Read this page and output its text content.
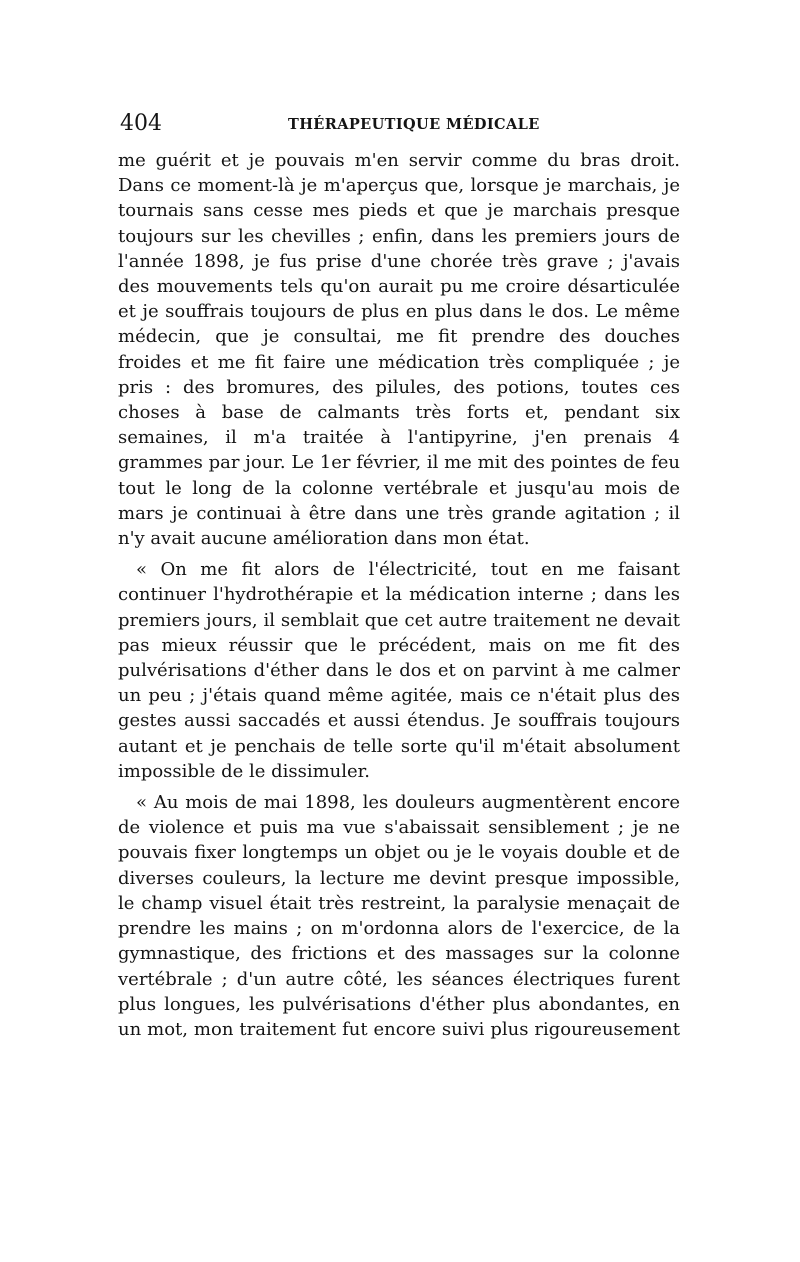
404	THÉRAPEUTIQUE MÉDICALE

me guérit et je pouvais m'en servir comme du bras droit. Dans ce moment-là je m'aperçus que, lorsque je marchais, je tournais sans cesse mes pieds et que je marchais presque toujours sur les chevilles ; enfin, dans les premiers jours de l'année 1898, je fus prise d'une chorée très grave ; j'avais des mouvements tels qu'on aurait pu me croire désarticulée et je souffrais toujours de plus en plus dans le dos. Le même médecin, que je consultai, me fit prendre des douches froides et me fit faire une médication très compliquée ; je pris : des bromures, des pilules, des potions, toutes ces choses à base de calmants très forts et, pendant six semaines, il m'a traitée à l'antipyrine, j'en prenais 4 grammes par jour. Le 1er février, il me mit des pointes de feu tout le long de la colonne vertébrale et jusqu'au mois de mars je continuai à être dans une très grande agitation ; il n'y avait aucune amélioration dans mon état.

« On me fit alors de l'électricité, tout en me faisant continuer l'hydrothérapie et la médication interne ; dans les premiers jours, il semblait que cet autre traitement ne devait pas mieux réussir que le précédent, mais on me fit des pulvérisations d'éther dans le dos et on parvint à me calmer un peu ; j'étais quand même agitée, mais ce n'était plus des gestes aussi saccadés et aussi étendus. Je souffrais toujours autant et je penchais de telle sorte qu'il m'était absolument impossible de le dissimuler.

« Au mois de mai 1898, les douleurs augmentèrent encore de violence et puis ma vue s'abaissait sensiblement ; je ne pouvais fixer longtemps un objet ou je le voyais double et de diverses couleurs, la lecture me devint presque impossible, le champ visuel était très restreint, la paralysie menaçait de prendre les mains ; on m'ordonna alors de l'exercice, de la gymnastique, des frictions et des massages sur la colonne vertébrale ; d'un autre côté, les séances électriques furent plus longues, les pulvérisations d'éther plus abondantes, en un mot, mon traitement fut encore suivi plus rigoureusement
